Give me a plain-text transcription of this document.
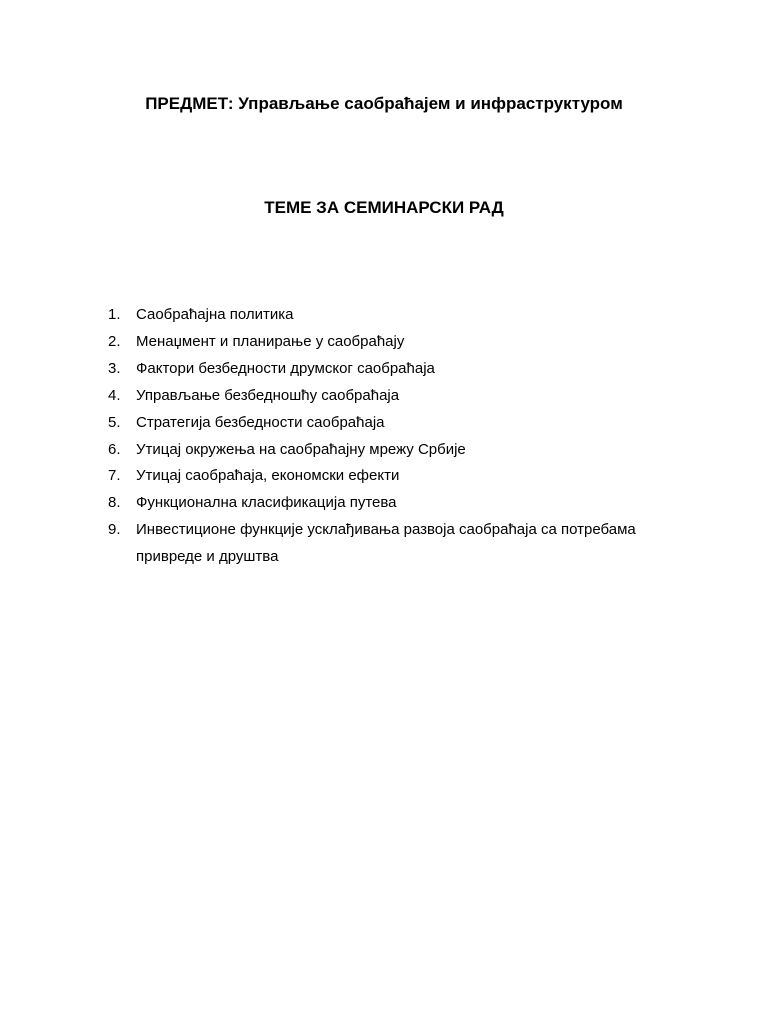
ПРЕДМЕТ: Управљање саобраћајем и инфраструктуром
ТЕМЕ ЗА СЕМИНАРСКИ РАД
1.	Саобраћајна политика
2.	Менаџмент и планирање у саобраћају
3.	Фактори безбедности друмског саобраћаја
4.	Управљање безбедношћу саобраћаја
5.	Стратегија безбедности саобраћаја
6.	Утицај окружења на саобраћајну мрежу Србије
7.	Утицај саобраћаја, економски ефекти
8.	Функционална класификација путева
9.	Инвестиционе функције усклађивања развоја саобраћаја са потребама привреде и друштва
